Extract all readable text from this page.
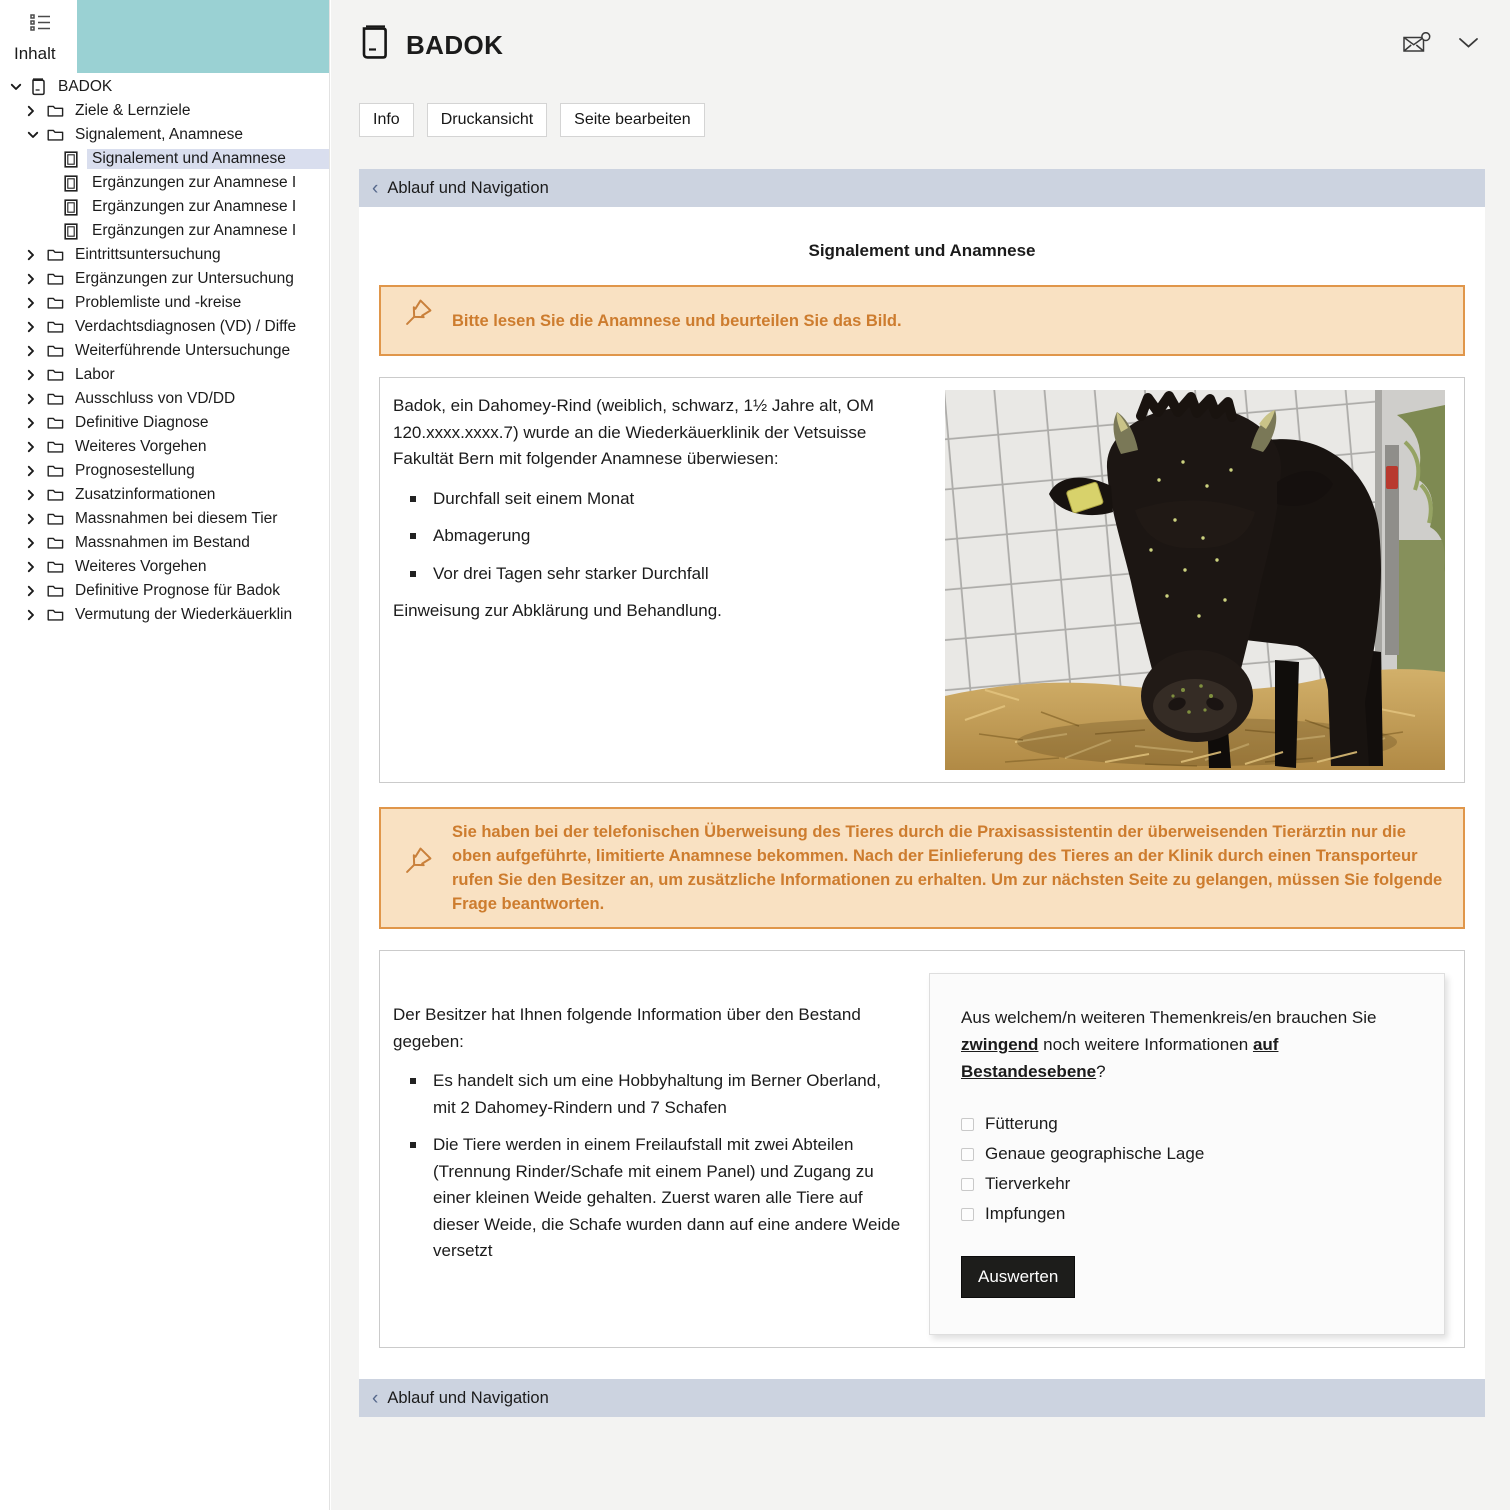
Inhalt
BADOK
Ziele & Lernziele
Signalement, Anamnese
Signalement und Anamnese
Ergänzungen zur Anamnese I
Ergänzungen zur Anamnese I
Ergänzungen zur Anamnese I
Eintrittsuntersuchung
Ergänzungen zur Untersuchung
Problemliste und -kreise
Verdachtsdiagnosen (VD) / Diffe
Weiterführende Untersuchunge
Labor
Ausschluss von VD/DD
Definitive Diagnose
Weiteres Vorgehen
Prognosestellung
Zusatzinformationen
Massnahmen bei diesem Tier
Massnahmen im Bestand
Weiteres Vorgehen
Definitive Prognose für Badok
Vermutung der Wiederkäuerklin
BADOK
Info	Druckansicht	Seite bearbeiten
‹ Ablauf und Navigation
Signalement und Anamnese
Bitte lesen Sie die Anamnese und beurteilen Sie das Bild.

Badok, ein Dahomey-Rind (weiblich, schwarz, 1½ Jahre alt, OM 120.xxxx.xxxx.7) wurde an die Wiederkäuerklinik der Vetsuisse Fakultät Bern mit folgender Anamnese überwiesen:

Durchfall seit einem Monat
Abmagerung
Vor drei Tagen sehr starker Durchfall

Einweisung zur Abklärung und Behandlung.

Sie haben bei der telefonischen Überweisung des Tieres durch die Praxisassistentin der überweisenden Tierärztin nur die oben aufgeführte, limitierte Anamnese bekommen. Nach der Einlieferung des Tieres an der Klinik durch einen Transporteur rufen Sie den Besitzer an, um zusätzliche Informationen zu erhalten. Um zur nächsten Seite zu gelangen, müssen Sie folgende Frage beantworten.

Der Besitzer hat Ihnen folgende Information über den Bestand gegeben:

Es handelt sich um eine Hobbyhaltung im Berner Oberland, mit 2 Dahomey-Rindern und 7 Schafen
Die Tiere werden in einem Freilaufstall mit zwei Abteilen (Trennung Rinder/Schafe mit einem Panel) und Zugang zu einer kleinen Weide gehalten. Zuerst waren alle Tiere auf dieser Weide, die Schafe wurden dann auf eine andere Weide versetzt

Aus welchem/n weiteren Themenkreis/en brauchen Sie zwingend noch weitere Informationen auf Bestandesebene?

Fütterung
Genaue geographische Lage
Tierverkehr
Impfungen
Auswerten
‹ Ablauf und Navigation
